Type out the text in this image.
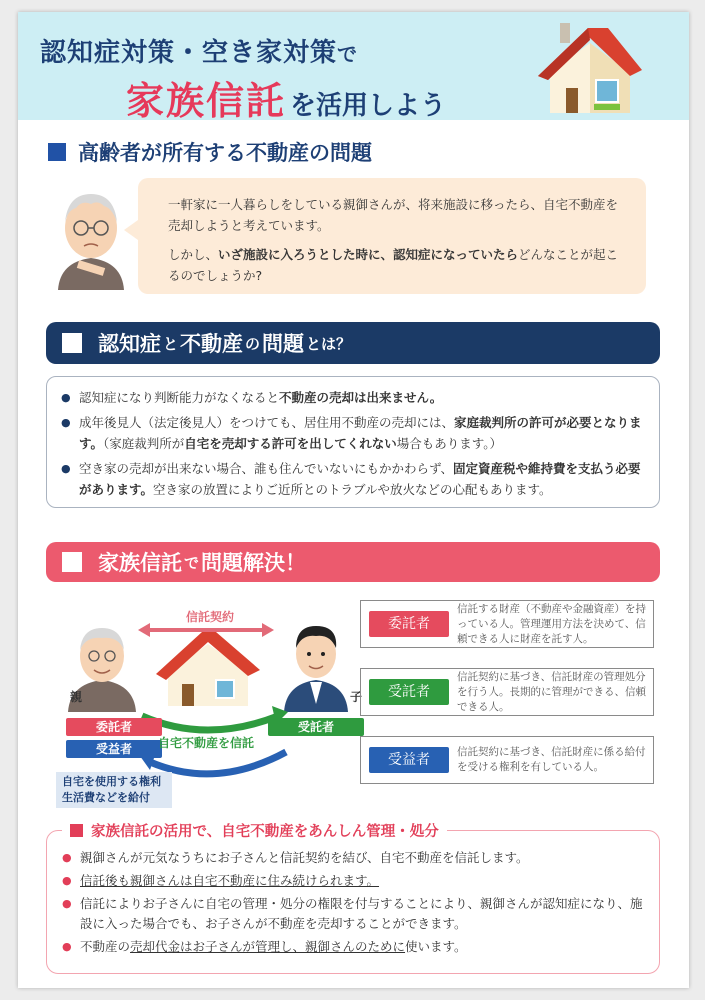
認知症対策・空き家対策で
家族信託 を活用しよう
高齢者が所有する不動産の問題

一軒家に一人暮らしをしている親御さんが、将来施設に移ったら、自宅不動産を売却しようと考えています。

しかし、いざ施設に入ろうとした時に、認知症になっていたらどんなことが起こるのでしょうか?

認知症 と 不動産 の 問題 とは？
● 認知症になり判断能力がなくなると不動産の売却は出来ません。
● 成年後見人（法定後見人）をつけても、居住用不動産の売却には、家庭裁判所の許可が必要となります。（家庭裁判所が自宅を売却する許可を出してくれない場合もあります。）
● 空き家の売却が出来ない場合、誰も住んでいないにもかかわらず、固定資産税や維持費を支払う必要があります。空き家の放置によりご近所とのトラブルや放火などの心配もあります。
家族信託 で 問題解決！
信託契約
親	子
委託者
受益者
受託者
自宅不動産を信託
自宅を使用する権利
生活費などを給付
委託者
信託する財産（不動産や金融資産）を持っている人。管理運用方法を決めて、信頼できる人に財産を託す人。
受託者
信託契約に基づき、信託財産の管理処分を行う人。長期的に管理ができる、信頼できる人。
受益者	信託契約に基づき、信託財産に係る給付を受ける権利を有している人。
家族信託の活用で、自宅不動産をあんしん管理・処分
● 親御さんが元気なうちにお子さんと信託契約を結び、自宅不動産を信託します。
● 信託後も親御さんは自宅不動産に住み続けられます。
● 信託によりお子さんに自宅の管理・処分の権限を付与することにより、親御さんが認知症になり、施設に入った場合でも、お子さんが不動産を売却することができます。
● 不動産の売却代金はお子さんが管理し、親御さんのために使います。
